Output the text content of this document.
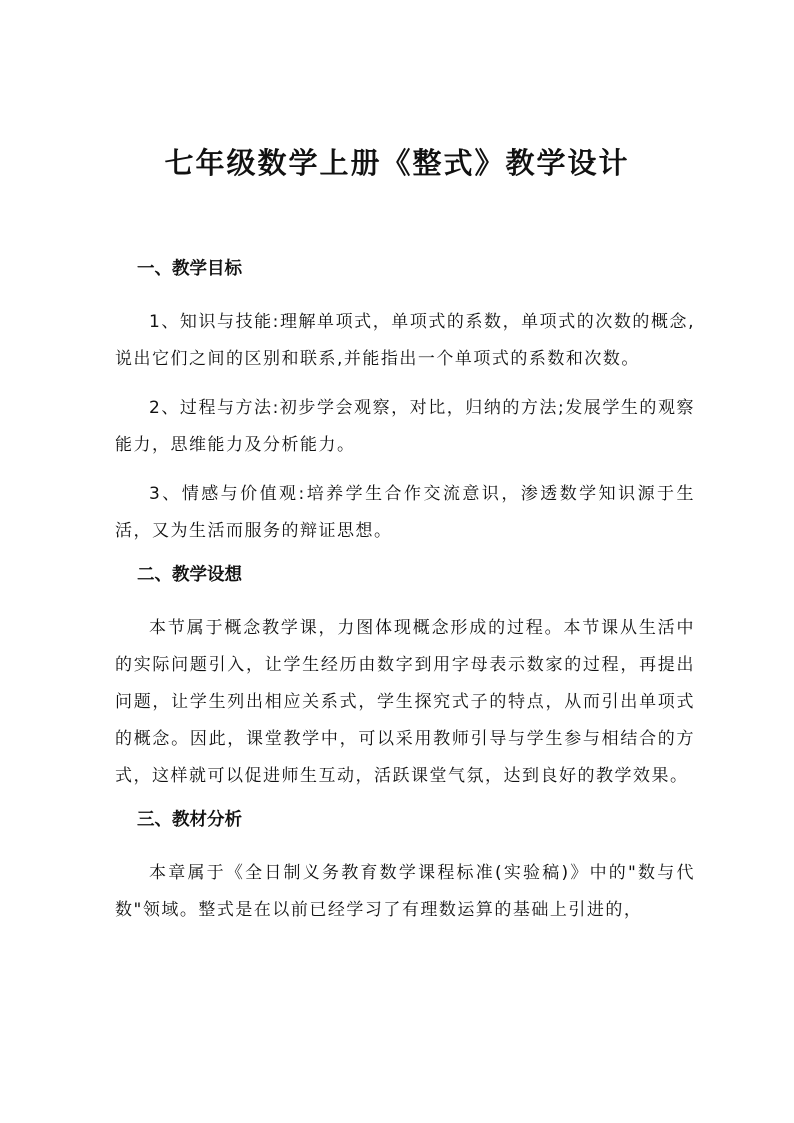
七年级数学上册《整式》教学设计
一、教学目标

1、知识与技能:理解单项式，单项式的系数，单项式的次数的概念,说出它们之间的区别和联系,并能指出一个单项式的系数和次数。

2、过程与方法:初步学会观察，对比，归纳的方法;发展学生的观察能力，思维能力及分析能力。

3、情感与价值观:培养学生合作交流意识，渗透数学知识源于生活，又为生活而服务的辩证思想。

二、教学设想

本节属于概念教学课，力图体现概念形成的过程。本节课从生活中的实际问题引入，让学生经历由数字到用字母表示数家的过程，再提出问题，让学生列出相应关系式，学生探究式子的特点，从而引出单项式的概念。因此，课堂教学中，可以采用教师引导与学生参与相结合的方式，这样就可以促进师生互动，活跃课堂气氛，达到良好的教学效果。

三、教材分析

本章属于《全日制义务教育数学课程标准(实验稿)》中的"数与代数"领域。整式是在以前已经学习了有理数运算的基础上引进的，
